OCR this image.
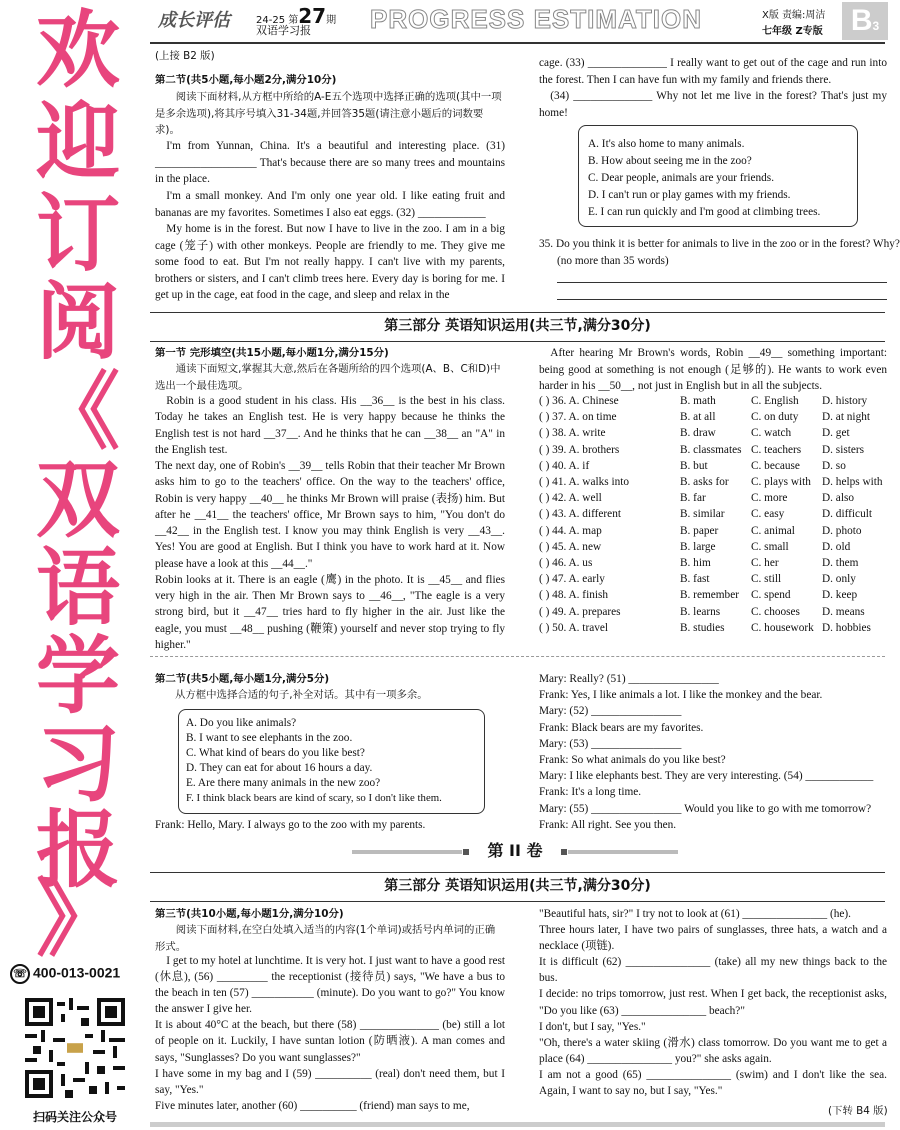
欢
迎
订
阅
《
双
语
学
习
报
》
☏ 400-013-0021
扫码关注公众号
成长评估	24-25 第27期
双语学习报 PROGRESS ESTIMATION	X版 责编:周洁
七年级 Z专版 B3
(上接 B2 版)
第二节(共5小题,每小题2分,满分10分)
阅读下面材料,从方框中所给的A-E五个选项中选择正确的选项(其中一项是多余选项),将其序号填入31-34题,并回答35题(请注意小题后的词数要求)。
I'm from Yunnan, China. It's a beautiful and interesting place. (31) __________________ That's because there are so many trees and mountains in the place.
I'm a small monkey. And I'm only one year old. I like eating fruit and bananas are my favorites. Sometimes I also eat eggs. (32) ____________
My home is in the forest. But now I have to live in the zoo. I am in a big cage (笼子) with other monkeys. People are friendly to me. They give me some food to eat. But I'm not really happy. I can't live with my parents, brothers or sisters, and I can't climb trees here. Every day is boring for me. I get up in the cage, eat food in the cage, and sleep and relax in the
cage. (33) ______________ I really want to get out of the cage and run into the forest. Then I can have fun with my family and friends there.
(34) ______________ Why not let me live in the forest? That's just my home!
A. It's also home to many animals.
B. How about seeing me in the zoo?
C. Dear people, animals are your friends.
D. I can't run or play games with my friends.
E. I can run quickly and I'm good at climbing trees.
35. Do you think it is better for animals to live in the zoo or in the forest? Why? (no more than 35 words)
第三部分 英语知识运用(共三节,满分30分)
第一节 完形填空(共15小题,每小题1分,满分15分)
通读下面短文,掌握其大意,然后在各题所给的四个选项(A、B、C和D)中选出一个最佳选项。
Robin is a good student in his class. His __36__ is the best in his class. Today he takes an English test. He is very happy because he thinks the English test is not hard __37__. And he thinks that he can __38__ an "A" in the English test.
The next day, one of Robin's __39__ tells Robin that their teacher Mr Brown asks him to go to the teachers' office. On the way to the teachers' office, Robin is very happy __40__ he thinks Mr Brown will praise (表扬) him. But after he __41__ the teachers' office, Mr Brown says to him, "You don't do __42__ in the English test. I know you may think English is very __43__. Yes! You are good at English. But I think you have to work hard at it. Now please have a look at this __44__."
Robin looks at it. There is an eagle (鹰) in the photo. It is __45__ and flies very high in the air. Then Mr Brown says to __46__, "The eagle is a very strong bird, but it __47__ tries hard to fly higher in the air. Just like the eagle, you must __48__ pushing (鞭策) yourself and never stop trying to fly higher."
After hearing Mr Brown's words, Robin __49__ something important: being good at something is not enough (足够的). He wants to work even harder in his __50__, not just in English but in all the subjects.
( ) 36. A. Chinese	B. math	C. English D. history
( ) 37. A. on time	B. at all	C. on duty D. at night
( ) 38. A. write	B. draw	C. watch	D. get
( ) 39. A. brothers	B. classmates C. teachers D. sisters
( ) 40. A. if	B. but	C. because D. so
( ) 41. A. walks into	B. asks for C. plays with D. helps with
( ) 42. A. well	B. far	C. more	D. also
( ) 43. A. different	B. similar C. easy	D. difficult
( ) 44. A. map	B. paper	C. animal D. photo
( ) 45. A. new	B. large	C. small	D. old
( ) 46. A. us	B. him	C. her	D. them
( ) 47. A. early	B. fast	C. still	D. only
( ) 48. A. finish	B. remember C. spend	D. keep
( ) 49. A. prepares	B. learns	C. chooses D. means
( ) 50. A. travel	B. studies C. housework D. hobbies
第二节(共5小题,每小题1分,满分5分)
从方框中选择合适的句子,补全对话。其中有一项多余。
A. Do you like animals?
B. I want to see elephants in the zoo.
C. What kind of bears do you like best?
D. They can eat for about 16 hours a day.
E. Are there many animals in the new zoo?
F. I think black bears are kind of scary, so I don't like them.
Frank: Hello, Mary. I always go to the zoo with my parents.
Mary: Really? (51) ________________
Frank: Yes, I like animals a lot. I like the monkey and the bear.
Mary: (52) ________________
Frank: Black bears are my favorites.
Mary: (53) ________________
Frank: So what animals do you like best?
Mary: I like elephants best. They are very interesting. (54) ____________
Frank: It's a long time.
Mary: (55) ________________ Would you like to go with me tomorrow?
Frank: All right. See you then.
第 II 卷
第三部分 英语知识运用(共三节,满分30分)
第三节(共10小题,每小题1分,满分10分)
阅读下面材料,在空白处填入适当的内容(1个单词)或括号内单词的正确形式。
I get to my hotel at lunchtime. It is very hot. I just want to have a good rest (休息), (56) _________ the receptionist (接待员) says, "We have a bus to the beach in ten (57) ___________ (minute). Do you want to go?" You know the answer I give her.
It is about 40°C at the beach, but there (58) ______________ (be) still a lot of people on it. Luckily, I have suntan lotion (防晒液). A man comes and says, "Sunglasses? Do you want sunglasses?"
I have some in my bag and I (59) __________ (real) don't need them, but I say, "Yes."
Five minutes later, another (60) __________ (friend) man says to me,
"Beautiful hats, sir?" I try not to look at (61) _______________ (he).
Three hours later, I have two pairs of sunglasses, three hats, a watch and a necklace (项链).
It is difficult (62) _______________ (take) all my new things back to the bus.
I decide: no trips tomorrow, just rest. When I get back, the receptionist asks, "Do you like (63) _______________ beach?"
I don't, but I say, "Yes."
"Oh, there's a water skiing (滑水) class tomorrow. Do you want me to get a place (64) _______________ you?" she asks again.
I am not a good (65) _______________ (swim) and I don't like the sea. Again, I want to say no, but I say, "Yes."
(下转 B4 版)
